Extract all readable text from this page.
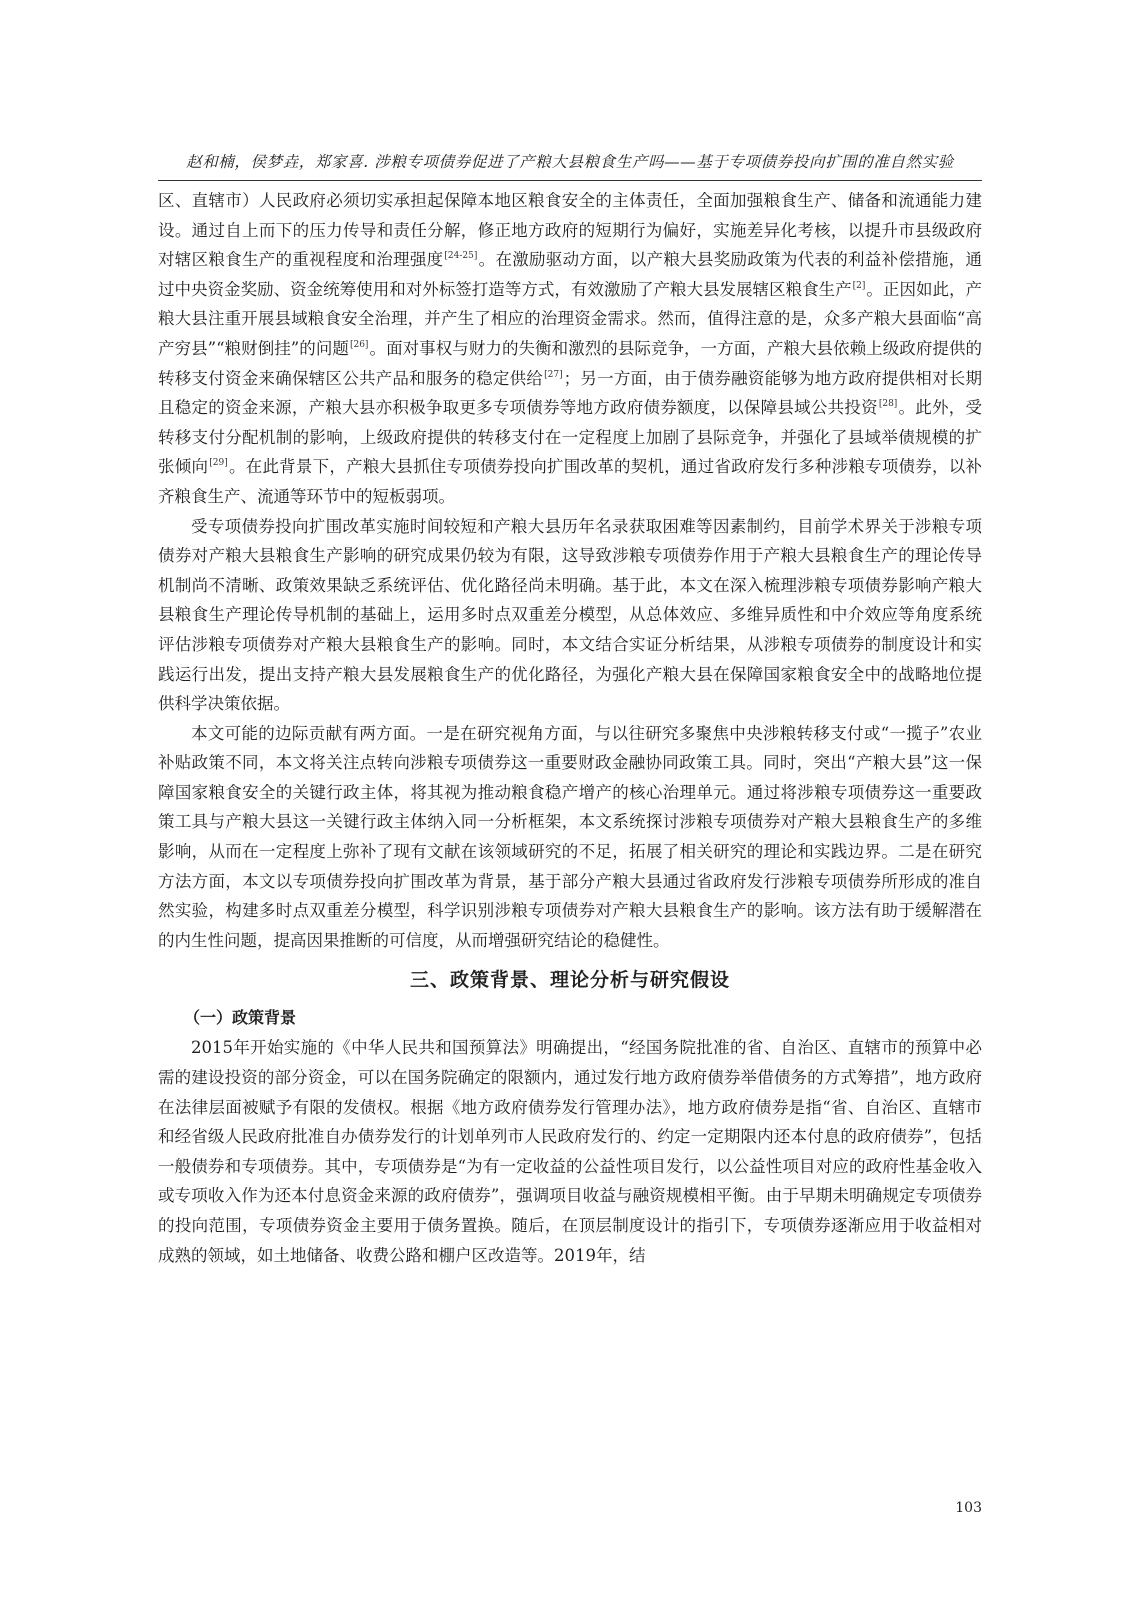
赵和楠，侯梦垚，郑家喜. 涉粮专项债券促进了产粮大县粮食生产吗——基于专项债券投向扩围的准自然实验

区、直辖市）人民政府必须切实承担起保障本地区粮食安全的主体责任，全面加强粮食生产、储备和流通能力建设。通过自上而下的压力传导和责任分解，修正地方政府的短期行为偏好，实施差异化考核，以提升市县级政府对辖区粮食生产的重视程度和治理强度[24-25]。在激励驱动方面，以产粮大县奖励政策为代表的利益补偿措施，通过中央资金奖励、资金统筹使用和对外标签打造等方式，有效激励了产粮大县发展辖区粮食生产[2]。正因如此，产粮大县注重开展县域粮食安全治理，并产生了相应的治理资金需求。然而，值得注意的是，众多产粮大县面临“高产穷县”“粮财倒挂”的问题[26]。面对事权与财力的失衡和激烈的县际竞争，一方面，产粮大县依赖上级政府提供的转移支付资金来确保辖区公共产品和服务的稳定供给[27]；另一方面，由于债券融资能够为地方政府提供相对长期且稳定的资金来源，产粮大县亦积极争取更多专项债券等地方政府债券额度，以保障县域公共投资[28]。此外，受转移支付分配机制的影响，上级政府提供的转移支付在一定程度上加剧了县际竞争，并强化了县域举债规模的扩张倾向[29]。在此背景下，产粮大县抓住专项债券投向扩围改革的契机，通过省政府发行多种涉粮专项债券，以补齐粮食生产、流通等环节中的短板弱项。

受专项债券投向扩围改革实施时间较短和产粮大县历年名录获取困难等因素制约，目前学术界关于涉粮专项债券对产粮大县粮食生产影响的研究成果仍较为有限，这导致涉粮专项债券作用于产粮大县粮食生产的理论传导机制尚不清晰、政策效果缺乏系统评估、优化路径尚未明确。基于此，本文在深入梳理涉粮专项债券影响产粮大县粮食生产理论传导机制的基础上，运用多时点双重差分模型，从总体效应、多维异质性和中介效应等角度系统评估涉粮专项债券对产粮大县粮食生产的影响。同时，本文结合实证分析结果，从涉粮专项债券的制度设计和实践运行出发，提出支持产粮大县发展粮食生产的优化路径，为强化产粮大县在保障国家粮食安全中的战略地位提供科学决策依据。

本文可能的边际贡献有两方面。一是在研究视角方面，与以往研究多聚焦中央涉粮转移支付或“一揽子”农业补贴政策不同，本文将关注点转向涉粮专项债券这一重要财政金融协同政策工具。同时，突出“产粮大县”这一保障国家粮食安全的关键行政主体，将其视为推动粮食稳产增产的核心治理单元。通过将涉粮专项债券这一重要政策工具与产粮大县这一关键行政主体纳入同一分析框架，本文系统探讨涉粮专项债券对产粮大县粮食生产的多维影响，从而在一定程度上弥补了现有文献在该领域研究的不足，拓展了相关研究的理论和实践边界。二是在研究方法方面，本文以专项债券投向扩围改革为背景，基于部分产粮大县通过省政府发行涉粮专项债券所形成的准自然实验，构建多时点双重差分模型，科学识别涉粮专项债券对产粮大县粮食生产的影响。该方法有助于缓解潜在的内生性问题，提高因果推断的可信度，从而增强研究结论的稳健性。

三、政策背景、理论分析与研究假设
（一）政策背景

2015年开始实施的《中华人民共和国预算法》明确提出，“经国务院批准的省、自治区、直辖市的预算中必需的建设投资的部分资金，可以在国务院确定的限额内，通过发行地方政府债券举借债务的方式筹措”，地方政府在法律层面被赋予有限的发债权。根据《地方政府债券发行管理办法》，地方政府债券是指“省、自治区、直辖市和经省级人民政府批准自办债券发行的计划单列市人民政府发行的、约定一定期限内还本付息的政府债券”，包括一般债券和专项债券。其中，专项债券是“为有一定收益的公益性项目发行，以公益性项目对应的政府性基金收入或专项收入作为还本付息资金来源的政府债券”，强调项目收益与融资规模相平衡。由于早期未明确规定专项债券的投向范围，专项债券资金主要用于债务置换。随后，在顶层制度设计的指引下，专项债券逐渐应用于收益相对成熟的领域，如土地储备、收费公路和棚户区改造等。2019年，结

103
